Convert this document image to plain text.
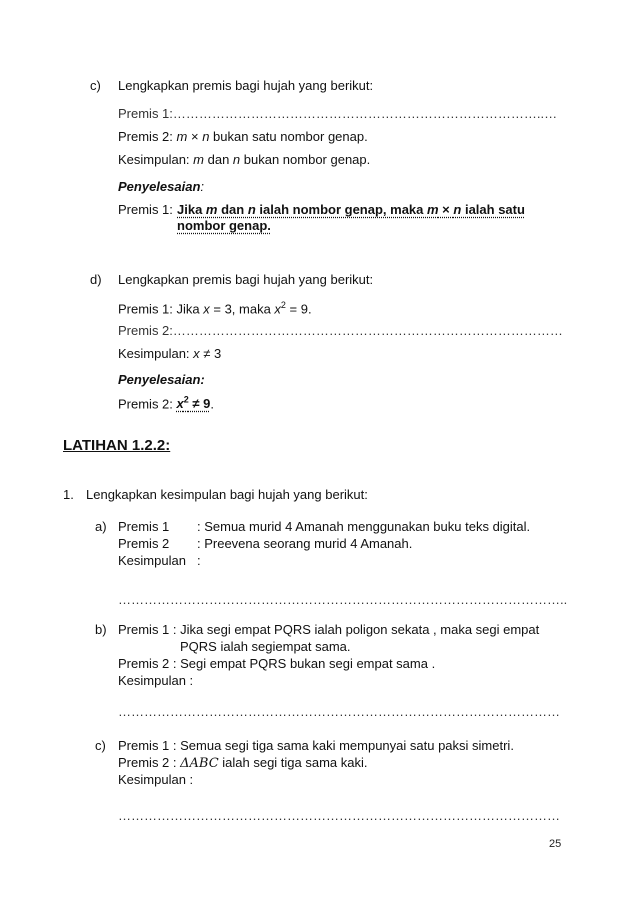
c) Lengkapkan premis bagi hujah yang berikut:
Premis 1:…………………………………………………………………………..…
Premis 2: m × n bukan satu nombor genap.
Kesimpulan: m dan n bukan nombor genap.
Penyelesaian:
Premis 1: Jika m dan n ialah nombor genap, maka m × n ialah satu
nombor genap.
d) Lengkapkan premis bagi hujah yang berikut:
Premis 1: Jika x = 3, maka $x^2 = 9$.
Premis 2:………………………………………………………………………………
Kesimpulan: x ≠ 3
Penyelesaian:
Premis 2: $x^2 \ne 9$.
LATIHAN 1.2.2:
1. Lengkapkan kesimpulan bagi hujah yang berikut:
a) Premis 1 : Semua murid 4 Amanah menggunakan buku teks digital.
Premis 2 : Preevena seorang murid 4 Amanah.
Kesimpulan :
…………………………………………………………………………………………..
b) Premis 1 : Jika segi empat PQRS ialah poligon sekata , maka segi empat
PQRS ialah segiempat sama.
Premis 2 : Segi empat PQRS bukan segi empat sama .
Kesimpulan :
…………………………………………………………………………………………
c) Premis 1 : Semua segi tiga sama kaki mempunyai satu paksi simetri.
Premis 2 : ΔABC ialah segi tiga sama kaki.
Kesimpulan :
…………………………………………………………………………………………
25
